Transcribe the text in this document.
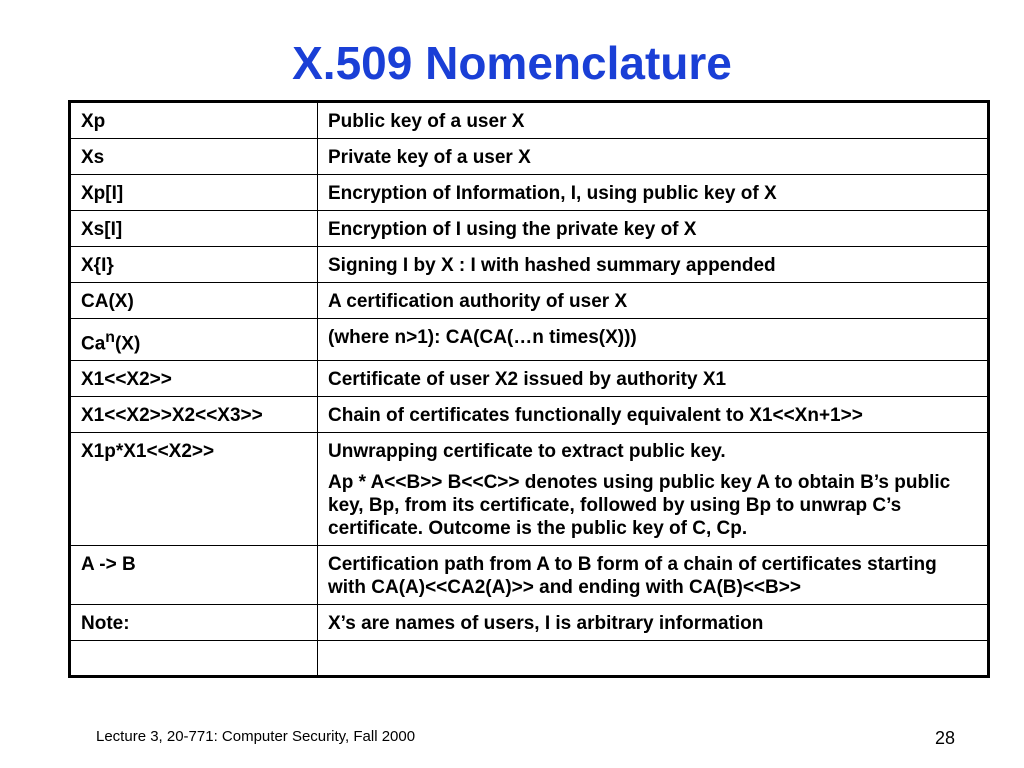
X.509 Nomenclature
Xp	Public key of a user X

Xs	Private key of a user X

Xp[I]	Encryption of Information, I, using public key of X

Xs[I]	Encryption of I using the private key of X

X{I}	Signing I by X : I with hashed summary appended

CA(X)	A certification authority of user X

Ca$^n$(X)	(where n>1): CA(CA(…n times(X)))

X1<<X2>>	Certificate of user X2 issued by authority X1

X1<<X2>>X2<<X3>>	Chain of certificates functionally equivalent to X1<<Xn+1>>

X1p*X1<<X2>>	Unwrapping certificate to extract public key.

Ap * A<<B>> B<<C>> denotes using public key A to obtain B’s public key, Bp, from its certificate, followed by using Bp to unwrap C’s certificate. Outcome is the public key of C, Cp.

A -> B	Certification path from A to B form of a chain of certificates starting with CA(A)<<CA2(A)>> and ending with CA(B)<<B>>

Note:	X’s are names of users, I is arbitrary information

Lecture 3, 20-771: Computer Security, Fall 2000	28
